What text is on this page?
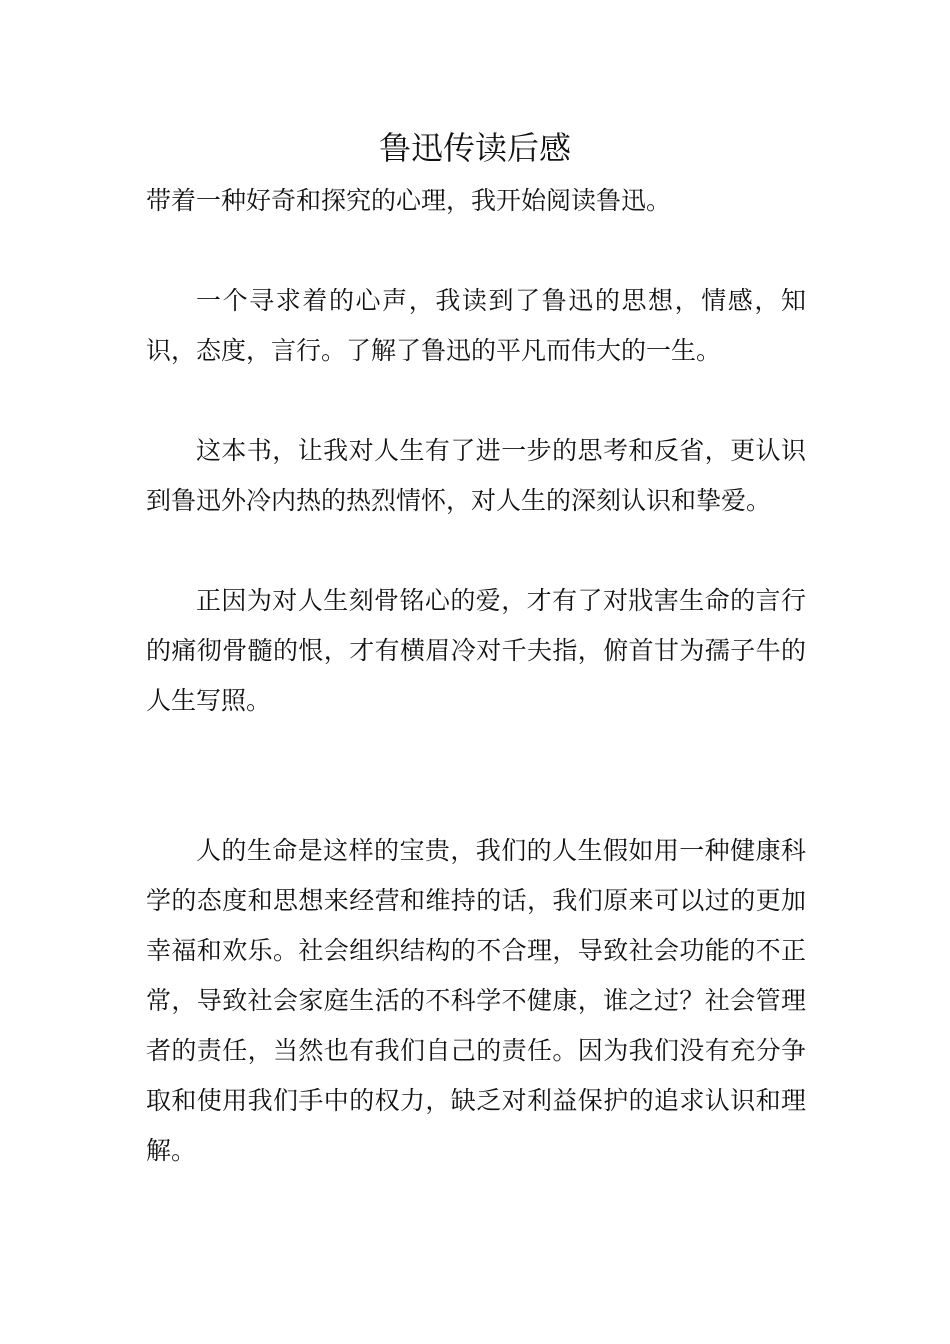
鲁迅传读后感

带着一种好奇和探究的心理，我开始阅读鲁迅。

一个寻求着的心声，我读到了鲁迅的思想，情感，知识，态度，言行。了解了鲁迅的平凡而伟大的一生。

这本书，让我对人生有了进一步的思考和反省，更认识到鲁迅外冷内热的热烈情怀，对人生的深刻认识和挚爱。

正因为对人生刻骨铭心的爱，才有了对戕害生命的言行的痛彻骨髓的恨，才有横眉冷对千夫指，俯首甘为孺子牛的人生写照。

人的生命是这样的宝贵，我们的人生假如用一种健康科学的态度和思想来经营和维持的话，我们原来可以过的更加幸福和欢乐。社会组织结构的不合理，导致社会功能的不正常，导致社会家庭生活的不科学不健康，谁之过？社会管理者的责任，当然也有我们自己的责任。因为我们没有充分争取和使用我们手中的权力，缺乏对利益保护的追求认识和理解。
